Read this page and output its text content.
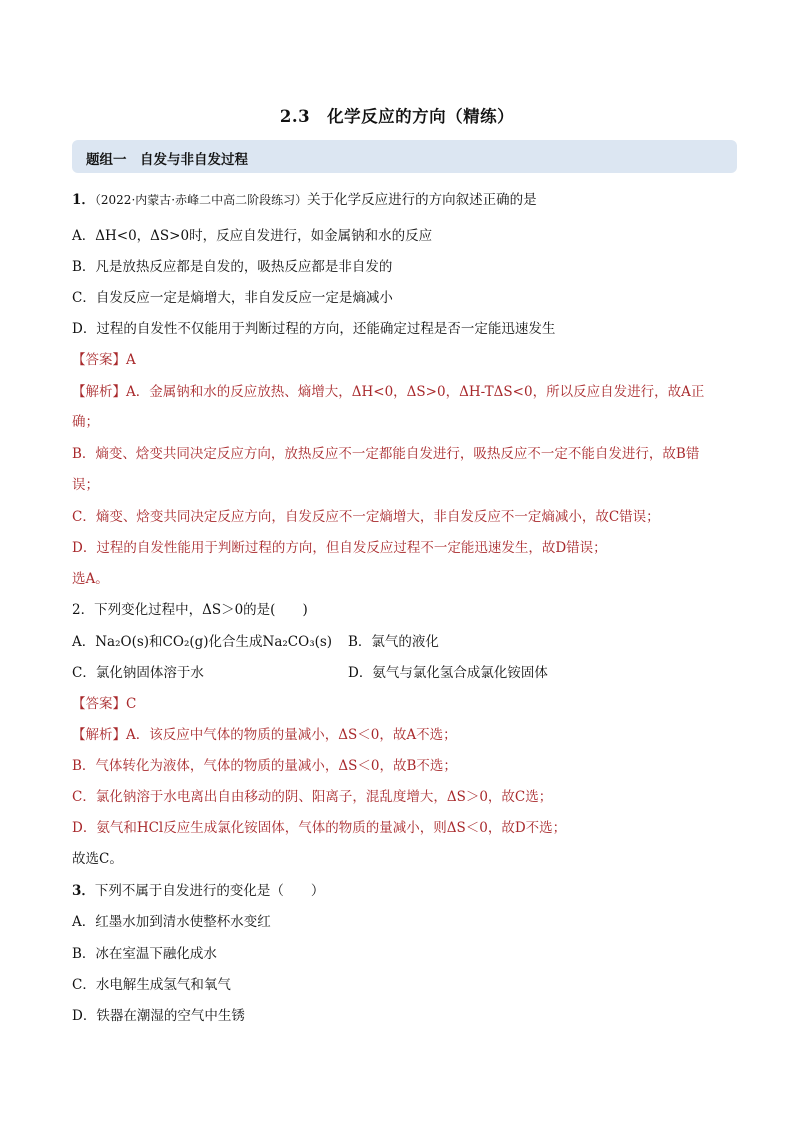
2.3　化学反应的方向（精练）
题组一　自发与非自发过程
1．（2022·内蒙古·赤峰二中高二阶段练习）关于化学反应进行的方向叙述正确的是
A．ΔH<0，ΔS>0时，反应自发进行，如金属钠和水的反应
B．凡是放热反应都是自发的，吸热反应都是非自发的
C．自发反应一定是熵增大，非自发反应一定是熵减小
D．过程的自发性不仅能用于判断过程的方向，还能确定过程是否一定能迅速发生
【答案】A
【解析】A．金属钠和水的反应放热、熵增大，ΔH<0，ΔS>0，ΔH-TΔS<0，所以反应自发进行，故A正
确；
B．熵变、焓变共同决定反应方向，放热反应不一定都能自发进行，吸热反应不一定不能自发进行，故B错
误；
C．熵变、焓变共同决定反应方向，自发反应不一定熵增大，非自发反应不一定熵减小，故C错误；
D．过程的自发性能用于判断过程的方向，但自发反应过程不一定能迅速发生，故D错误；
选A。
2．下列变化过程中，ΔS＞0的是(　　)
A．Na₂O(s)和CO₂(g)化合生成Na₂CO₃(s) B．氯气的液化
C．氯化钠固体溶于水	D．氨气与氯化氢合成氯化铵固体
【答案】C
【解析】A．该反应中气体的物质的量减小，ΔS＜0，故A不选；
B．气体转化为液体，气体的物质的量减小，ΔS＜0，故B不选；
C．氯化钠溶于水电离出自由移动的阴、阳离子，混乱度增大，ΔS＞0，故C选；
D．氨气和HCl反应生成氯化铵固体，气体的物质的量减小，则ΔS＜0，故D不选；
故选C。
3．下列不属于自发进行的变化是（　　）
A．红墨水加到清水使整杯水变红
B．冰在室温下融化成水
C．水电解生成氢气和氧气
D．铁器在潮湿的空气中生锈
